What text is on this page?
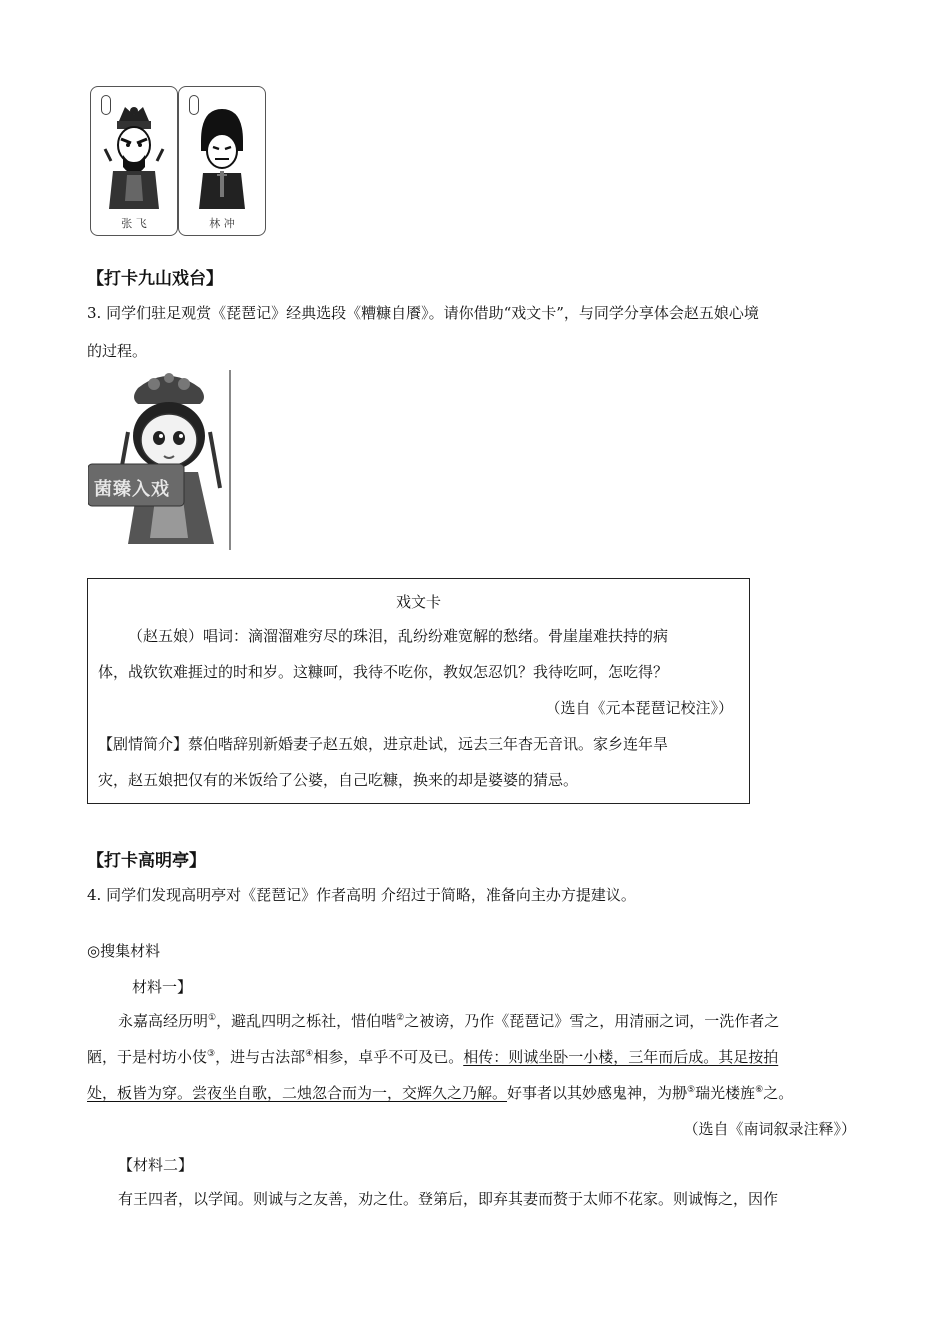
张 飞	林 冲
【打卡九山戏台】
3. 同学们驻足观赏《琵琶记》经典选段《糟糠自餍》。请你借助“戏文卡”，与同学分享体会赵五娘心境
的过程。
菌臻入戏
戏文卡
（赵五娘）唱词：滴溜溜难穷尽的珠泪，乱纷纷难宽解的愁绪。骨崖崖难扶持的病
体，战钦钦难捱过的时和岁。这糠呵，我待不吃你，教奴怎忍饥？我待吃呵，怎吃得？
（选自《元本琵琶记校注》）
【剧情简介】蔡伯喈辞别新婚妻子赵五娘，进京赴试，远去三年杳无音讯。家乡连年旱
灾，赵五娘把仅有的米饭给了公婆，自己吃糠，换来的却是婆婆的猜忌。
【打卡高明亭】
4. 同学们发现高明亭对《琵琶记》作者高明 介绍过于简略，准备向主办方提建议。
◎搜集材料
材料一】
永嘉高经历明①，避乱四明之栎社，惜伯喈②之被谤，乃作《琵琶记》雪之，用清丽之词，一洗作者之
陋，于是村坊小伎③，进与古法部④相参，卓乎不可及已。相传：则诚坐卧一小楼，三年而后成。其足按拍
处，板皆为穿。尝夜坐自歌，二烛忽合而为一，交辉久之乃解。好事者以其妙感鬼神，为刱⑤瑞光楼旌⑥之。
（选自《南词叙录注释》）
【材料二】
有王四者，以学闻。则诚与之友善，劝之仕。登第后，即弃其妻而赘于太师不花家。则诚悔之，因作
